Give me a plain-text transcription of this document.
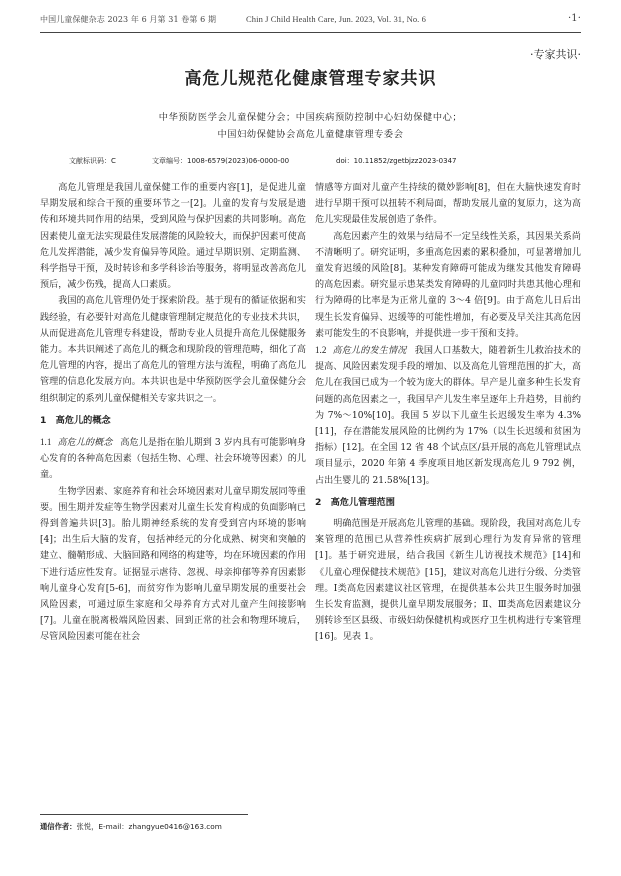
中国儿童保健杂志 2023 年 6 月第 31 卷第 6 期	Chin J Child Health Care, Jun. 2023, Vol. 31, No. 6	·1·
·专家共识·
高危儿规范化健康管理专家共识
中华预防医学会儿童保健分会；中国疾病预防控制中心妇幼保健中心；
中国妇幼保健协会高危儿童健康管理专委会
文献标识码：C	文章编号：1008-6579(2023)06-0000-00	doi：10.11852/zgetbjzz2023-0347

高危儿管理是我国儿童保健工作的重要内容[1]，是促进儿童早期发展和综合干预的重要环节之一[2]。儿童的发育与发展是遗传和环境共同作用的结果，受到风险与保护因素的共同影响。高危因素使儿童无法实现最佳发展潜能的风险较大，而保护因素可使高危儿发挥潜能，减少发育偏异等风险。通过早期识别、定期监测、科学指导干预，及时转诊和多学科诊治等服务，将明显改善高危儿预后，减少伤残，提高人口素质。

我国的高危儿管理仍处于探索阶段。基于现有的循证依据和实践经验，有必要针对高危儿健康管理制定规范化的专业技术共识，从而促进高危儿管理专科建设，帮助专业人员提升高危儿保健服务能力。本共识阐述了高危儿的概念和现阶段的管理范畴，细化了高危儿管理的内容，提出了高危儿的管理方法与流程，明确了高危儿管理的信息化发展方向。本共识也是中华预防医学会儿童保健分会组织制定的系列儿童保健相关专家共识之一。

1　高危儿的概念

1.1 高危儿的概念 高危儿是指在胎儿期到 3 岁内具有可能影响身心发育的各种高危因素（包括生物、心理、社会环境等因素）的儿童。

生物学因素、家庭养育和社会环境因素对儿童早期发展同等重要。围生期并发症等生物学因素对儿童生长发育构成的负面影响已得到普遍共识[3]。胎儿期神经系统的发育受到宫内环境的影响[4]；出生后大脑的发育，包括神经元的分化成熟、树突和突触的建立、髓鞘形成、大脑回路和网络的构建等，均在环境因素的作用下进行适应性发育。证据显示虐待、忽视、母亲抑郁等养育因素影响儿童身心发育[5-6]，而贫穷作为影响儿童早期发展的重要社会风险因素，可通过原生家庭和父母养育方式对儿童产生间接影响[7]。儿童在脱离极端风险因素、回到正常的社会和物理环境后，尽管风险因素可能在社会

情感等方面对儿童产生持续的微妙影响[8]，但在大脑快速发育时进行早期干预可以扭转不利局面，帮助发展儿童的复原力，这为高危儿实现最佳发展创造了条件。

高危因素产生的效果与结局不一定呈线性关系，其因果关系尚不清晰明了。研究证明，多重高危因素的累积叠加，可显著增加儿童发育迟缓的风险[8]。某种发育障碍可能成为继发其他发育障碍的高危因素。研究显示患某类发育障碍的儿童同时共患其他心理和行为障碍的比率是为正常儿童的 3～4 倍[9]。由于高危儿日后出现生长发育偏异、迟缓等的可能性增加，有必要及早关注其高危因素可能发生的不良影响，并提供进一步干预和支持。

1.2 高危儿的发生情况 我国人口基数大，随着新生儿救治技术的提高、风险因素发现手段的增加、以及高危儿管理范围的扩大，高危儿在我国已成为一个较为庞大的群体。早产是儿童多种生长发育问题的高危因素之一，我国早产儿发生率呈逐年上升趋势，目前约为 7%～10%[10]。我国 5 岁以下儿童生长迟缓发生率为 4.3%[11]，存在潜能发展风险的比例约为 17%（以生长迟缓和贫困为指标）[12]。在全国 12 省 48 个试点区/县开展的高危儿管理试点项目显示，2020 年第 4 季度项目地区新发现高危儿 9 792 例，占出生婴儿的 21.58%[13]。

2　高危儿管理范围

明确范围是开展高危儿管理的基础。现阶段，我国对高危儿专案管理的范围已从营养性疾病扩展到心理行为发育异常的管理[1]。基于研究进展，结合我国《新生儿访视技术规范》[14]和《儿童心理保健技术规范》[15]，建议对高危儿进行分级、分类管理。Ⅰ类高危因素建议社区管理，在提供基本公共卫生服务时加强生长发育监测，提供儿童早期发展服务；Ⅱ、Ⅲ类高危因素建议分别转诊至区县级、市级妇幼保健机构或医疗卫生机构进行专案管理[16]。见表 1。

通信作者：张悦，E-mail：zhangyue0416@163.com
